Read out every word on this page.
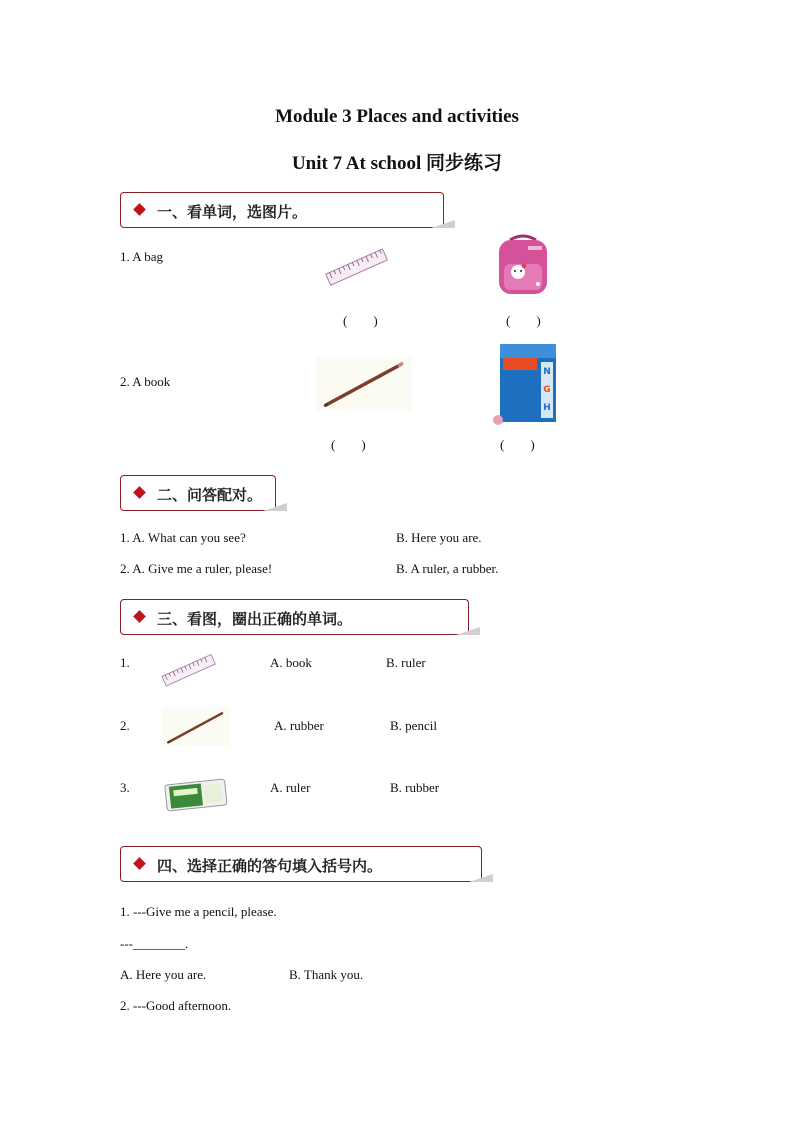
Module 3 Places and activities
Unit 7 At school 同步练习
一、看单词，选图片。
1. A bag
(        )	(        )
2. A book
N
G
H
(        )	(        )
二、问答配对。
1. A. What can you see?	B. Here you are.
2. A. Give me a ruler, please!	B. A ruler, a rubber.
三、看图，圈出正确的单词。
1.	A. book	B. ruler
2.	A. rubber	B. pencil
3.	A. ruler	B. rubber
四、选择正确的答句填入括号内。
1. ---Give me a pencil, please.
---________.
A. Here you are.	B. Thank you.
2. ---Good afternoon.
